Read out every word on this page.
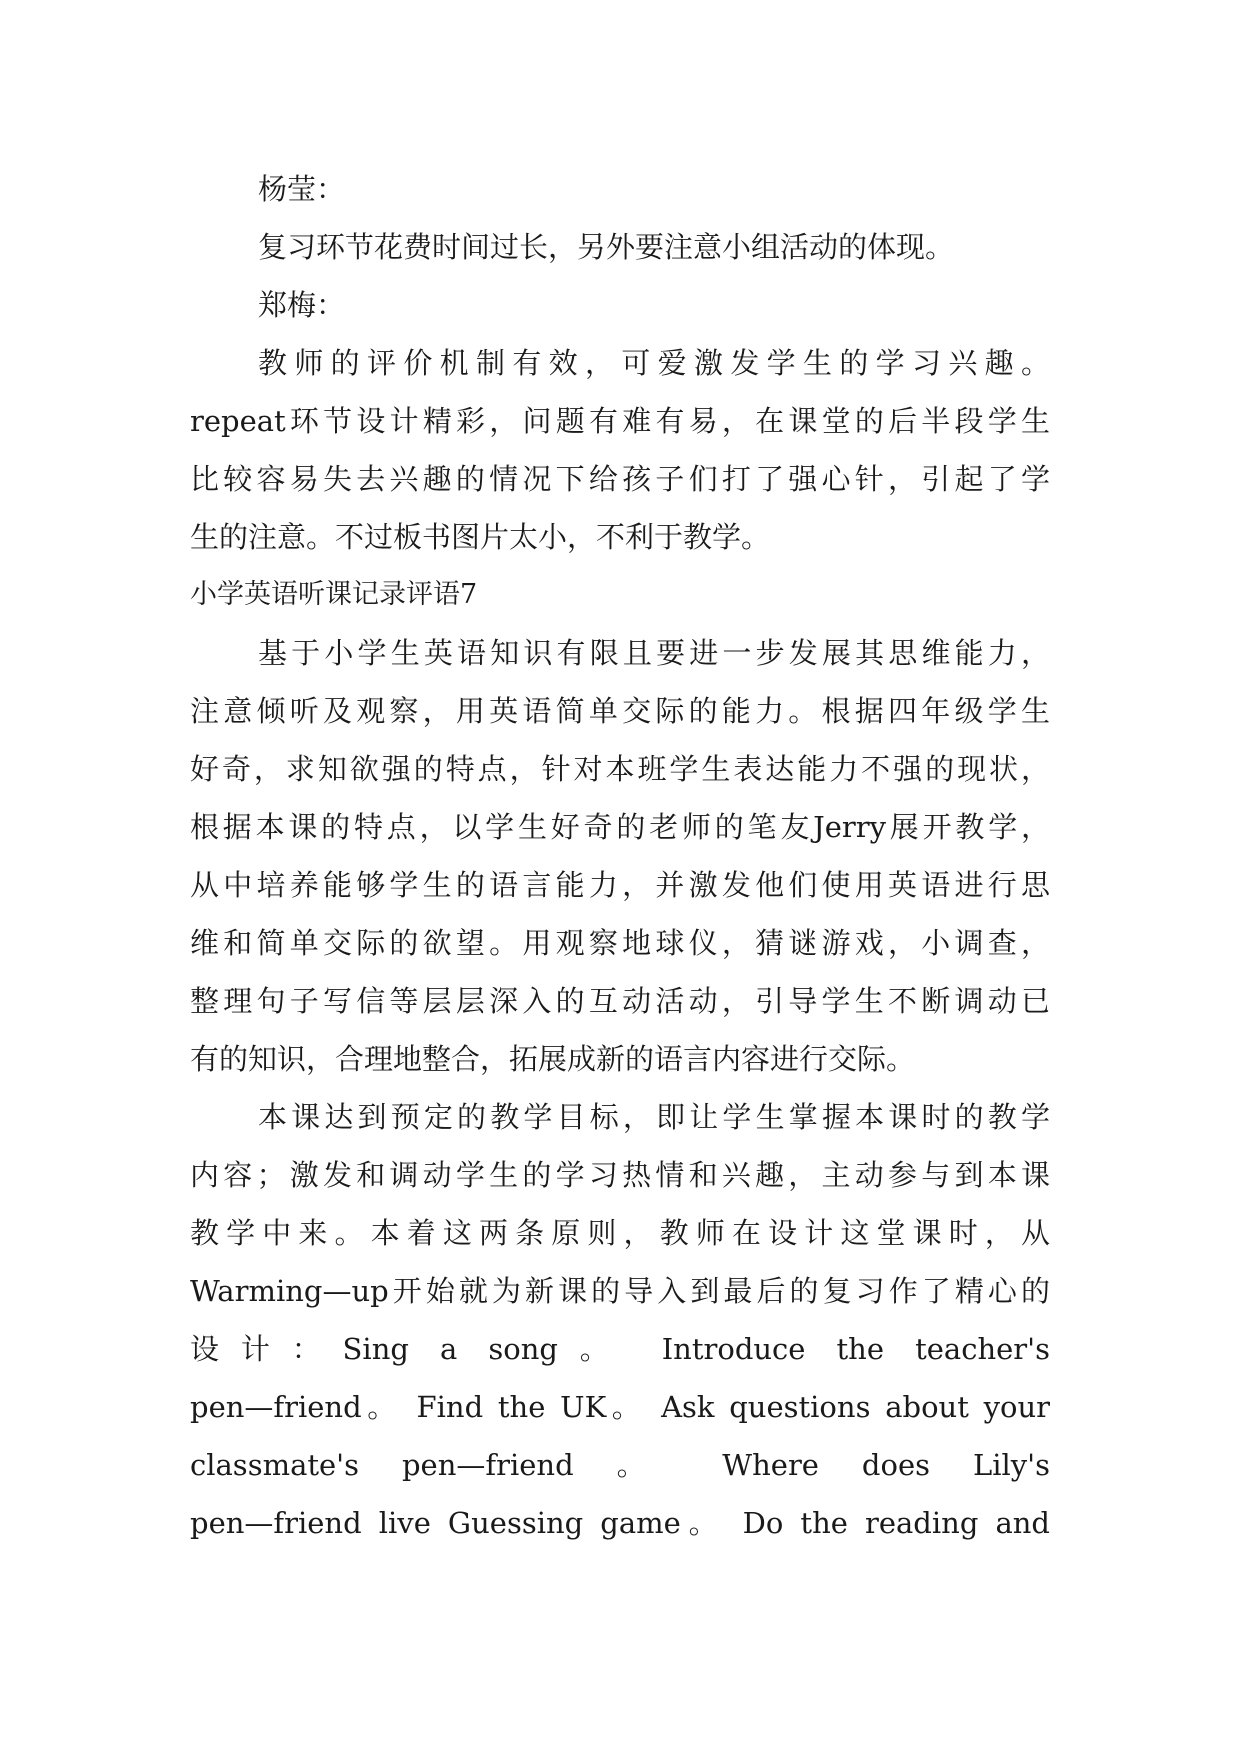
杨莹：
复习环节花费时间过长，另外要注意小组活动的体现。
郑梅：
教师的评价机制有效，可爱激发学生的学习兴趣。
repeat环节设计精彩，问题有难有易，在课堂的后半段学生
比较容易失去兴趣的情况下给孩子们打了强心针，引起了学
生的注意。不过板书图片太小，不利于教学。
小学英语听课记录评语7
基于小学生英语知识有限且要进一步发展其思维能力，
注意倾听及观察，用英语简单交际的能力。根据四年级学生
好奇，求知欲强的特点，针对本班学生表达能力不强的现状，
根据本课的特点，以学生好奇的老师的笔友Jerry展开教学，
从中培养能够学生的语言能力，并激发他们使用英语进行思
维和简单交际的欲望。用观察地球仪，猜谜游戏，小调查，
整理句子写信等层层深入的互动活动，引导学生不断调动已
有的知识，合理地整合，拓展成新的语言内容进行交际。
本课达到预定的教学目标，即让学生掌握本课时的教学
内容；激发和调动学生的学习热情和兴趣，主动参与到本课
教学中来。本着这两条原则，教师在设计这堂课时，从
Warming—up开始就为新课的导入到最后的复习作了精心的
设计：Sing a song。 Introduce the teacher's
pen—friend。 Find the UK。 Ask questions about your
classmate's pen—friend 。 Where does Lily's
pen—friend live Guessing game。 Do the reading and
